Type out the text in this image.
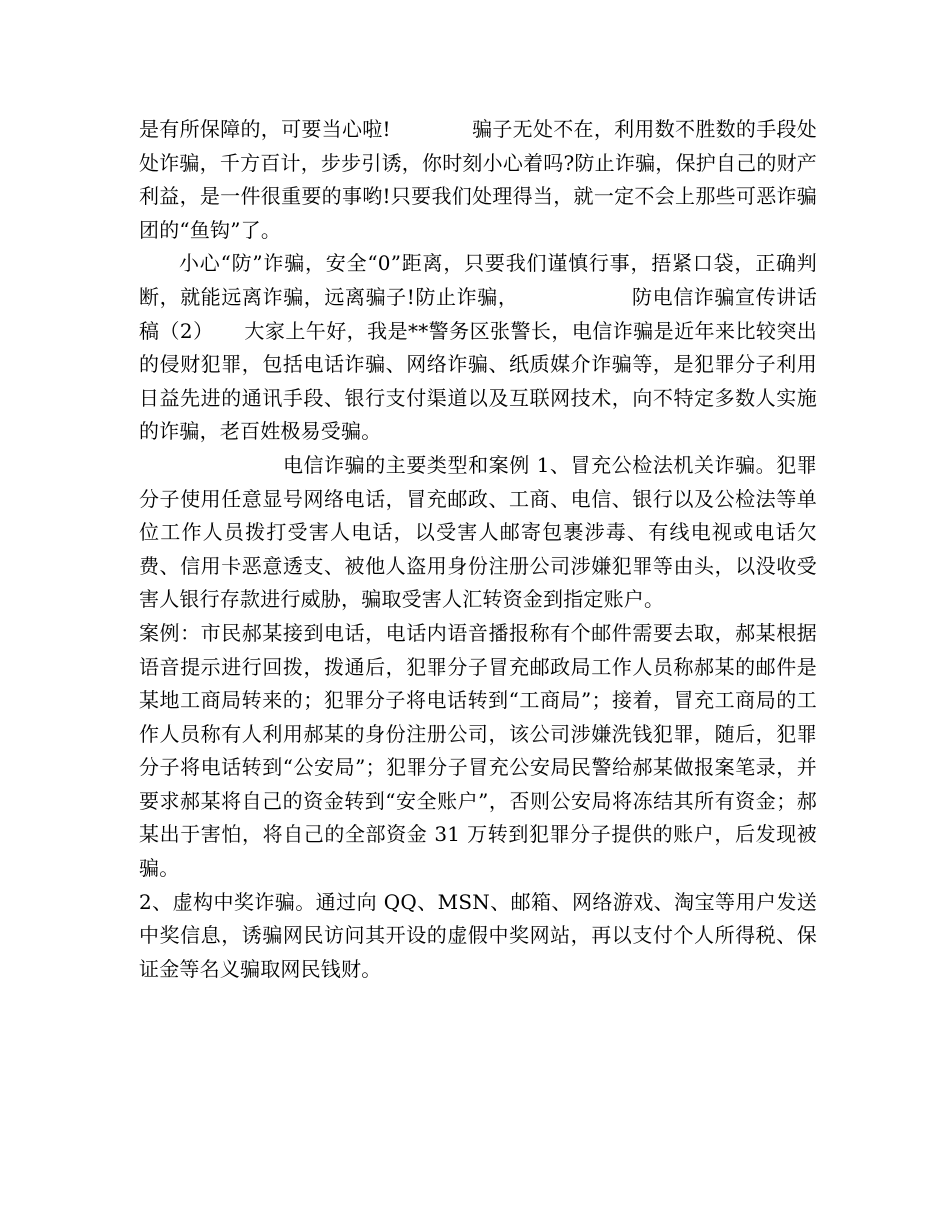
是有所保障的，可要当心啦!　　　　骗子无处不在，利用数不胜数的手段处处诈骗，千方百计，步步引诱，你时刻小心着吗?防止诈骗，保护自己的财产利益，是一件很重要的事哟!只要我们处理得当，就一定不会上那些可恶诈骗团的“鱼钩”了。

小心“防”诈骗，安全“0”距离，只要我们谨慎行事，捂紧口袋，正确判断，就能远离诈骗，远离骗子!防止诈骗，　　　　　　防电信诈骗宣传讲话稿（2）　　大家上午好，我是**警务区张警长，电信诈骗是近年来比较突出的侵财犯罪，包括电话诈骗、网络诈骗、纸质媒介诈骗等，是犯罪分子利用日益先进的通讯手段、银行支付渠道以及互联网技术，向不特定多数人实施的诈骗，老百姓极易受骗。

　　　　　　　电信诈骗的主要类型和案例 1、冒充公检法机关诈骗。犯罪分子使用任意显号网络电话，冒充邮政、工商、电信、银行以及公检法等单位工作人员拨打受害人电话，以受害人邮寄包裹涉毒、有线电视或电话欠费、信用卡恶意透支、被他人盗用身份注册公司涉嫌犯罪等由头，以没收受害人银行存款进行威胁，骗取受害人汇转资金到指定账户。

案例：市民郝某接到电话，电话内语音播报称有个邮件需要去取，郝某根据语音提示进行回拨，拨通后，犯罪分子冒充邮政局工作人员称郝某的邮件是某地工商局转来的；犯罪分子将电话转到“工商局”；接着，冒充工商局的工作人员称有人利用郝某的身份注册公司，该公司涉嫌洗钱犯罪，随后，犯罪分子将电话转到“公安局”；犯罪分子冒充公安局民警给郝某做报案笔录，并要求郝某将自己的资金转到“安全账户”，否则公安局将冻结其所有资金；郝某出于害怕，将自己的全部资金 31 万转到犯罪分子提供的账户，后发现被骗。

2、虚构中奖诈骗。通过向 QQ、MSN、邮箱、网络游戏、淘宝等用户发送中奖信息，诱骗网民访问其开设的虚假中奖网站，再以支付个人所得税、保证金等名义骗取网民钱财。
